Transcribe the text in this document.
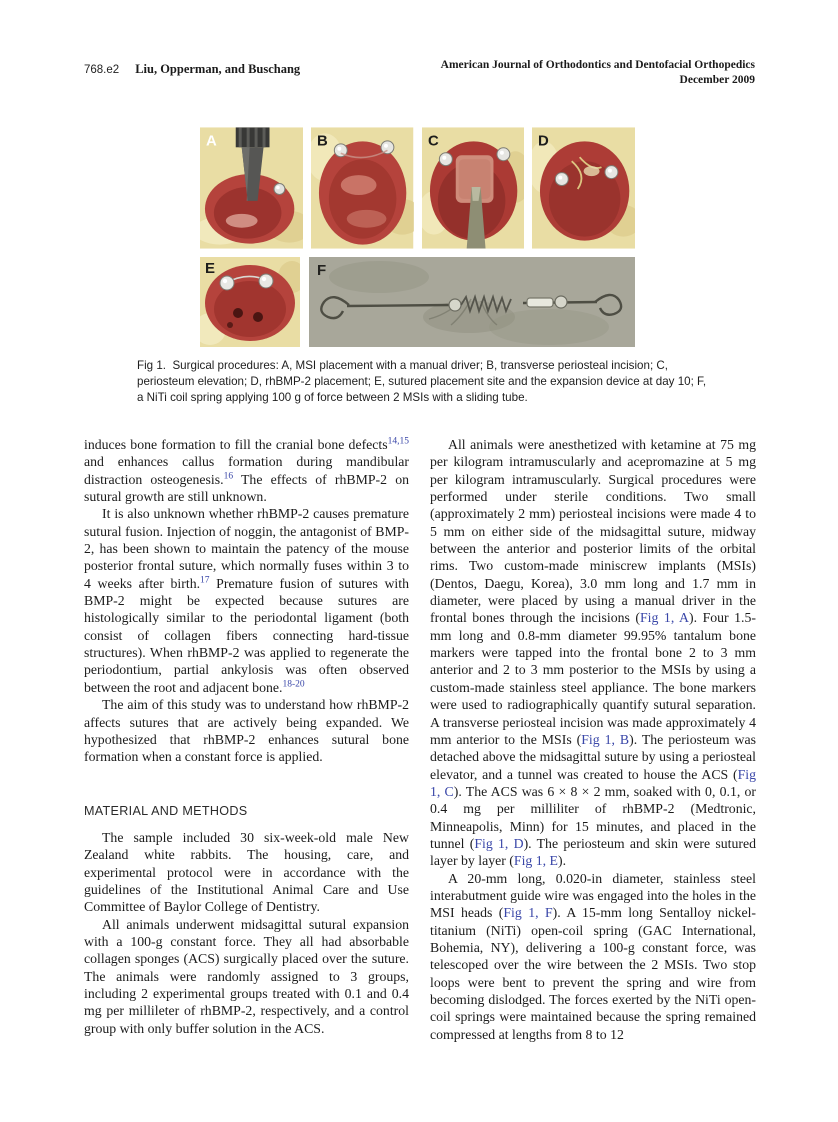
768.e2 Liu, Opperman, and Buschang	American Journal of Orthodontics and Dentofacial Orthopedics
December 2009
A	B	C	D
E	F
Fig 1. Surgical procedures: A, MSI placement with a manual driver; B, transverse periosteal incision; C, periosteum elevation; D, rhBMP-2 placement; E, sutured placement site and the expansion device at day 10; F, a NiTi coil spring applying 100 g of force between 2 MSIs with a sliding tube.

induces bone formation to fill the cranial bone defects$^{14,15}$ and enhances callus formation during mandibular distraction osteogenesis.$^{16}$ The effects of rhBMP-2 on sutural growth are still unknown.

It is also unknown whether rhBMP-2 causes premature sutural fusion. Injection of noggin, the antagonist of BMP-2, has been shown to maintain the patency of the mouse posterior frontal suture, which normally fuses within 3 to 4 weeks after birth.$^{17}$ Premature fusion of sutures with BMP-2 might be expected because sutures are histologically similar to the periodontal ligament (both consist of collagen fibers connecting hard-tissue structures). When rhBMP-2 was applied to regenerate the periodontium, partial ankylosis was often observed between the root and adjacent bone.$^{18-20}$

The aim of this study was to understand how rhBMP-2 affects sutures that are actively being expanded. We hypothesized that rhBMP-2 enhances sutural bone formation when a constant force is applied.

MATERIAL AND METHODS

The sample included 30 six-week-old male New Zealand white rabbits. The housing, care, and experimental protocol were in accordance with the guidelines of the Institutional Animal Care and Use Committee of Baylor College of Dentistry.

All animals underwent midsagittal sutural expansion with a 100-g constant force. They all had absorbable collagen sponges (ACS) surgically placed over the suture. The animals were randomly assigned to 3 groups, including 2 experimental groups treated with 0.1 and 0.4 mg per millileter of rhBMP-2, respectively, and a control group with only buffer solution in the ACS.

All animals were anesthetized with ketamine at 75 mg per kilogram intramuscularly and acepromazine at 5 mg per kilogram intramuscularly. Surgical procedures were performed under sterile conditions. Two small (approximately 2 mm) periosteal incisions were made 4 to 5 mm on either side of the midsagittal suture, midway between the anterior and posterior limits of the orbital rims. Two custom-made miniscrew implants (MSIs) (Dentos, Daegu, Korea), 3.0 mm long and 1.7 mm in diameter, were placed by using a manual driver in the frontal bones through the incisions (Fig 1, A). Four 1.5-mm long and 0.8-mm diameter 99.95% tantalum bone markers were tapped into the frontal bone 2 to 3 mm anterior and 2 to 3 mm posterior to the MSIs by using a custom-made stainless steel appliance. The bone markers were used to radiographically quantify sutural separation. A transverse periosteal incision was made approximately 4 mm anterior to the MSIs (Fig 1, B). The periosteum was detached above the midsagittal suture by using a periosteal elevator, and a tunnel was created to house the ACS (Fig 1, C). The ACS was 6 × 8 × 2 mm, soaked with 0, 0.1, or 0.4 mg per milliliter of rhBMP-2 (Medtronic, Minneapolis, Minn) for 15 minutes, and placed in the tunnel (Fig 1, D). The periosteum and skin were sutured layer by layer (Fig 1, E).

A 20-mm long, 0.020-in diameter, stainless steel interabutment guide wire was engaged into the holes in the MSI heads (Fig 1, F). A 15-mm long Sentalloy nickel-titanium (NiTi) open-coil spring (GAC International, Bohemia, NY), delivering a 100-g constant force, was telescoped over the wire between the 2 MSIs. Two stop loops were bent to prevent the spring and wire from becoming dislodged. The forces exerted by the NiTi open-coil springs were maintained because the spring remained compressed at lengths from 8 to 12
